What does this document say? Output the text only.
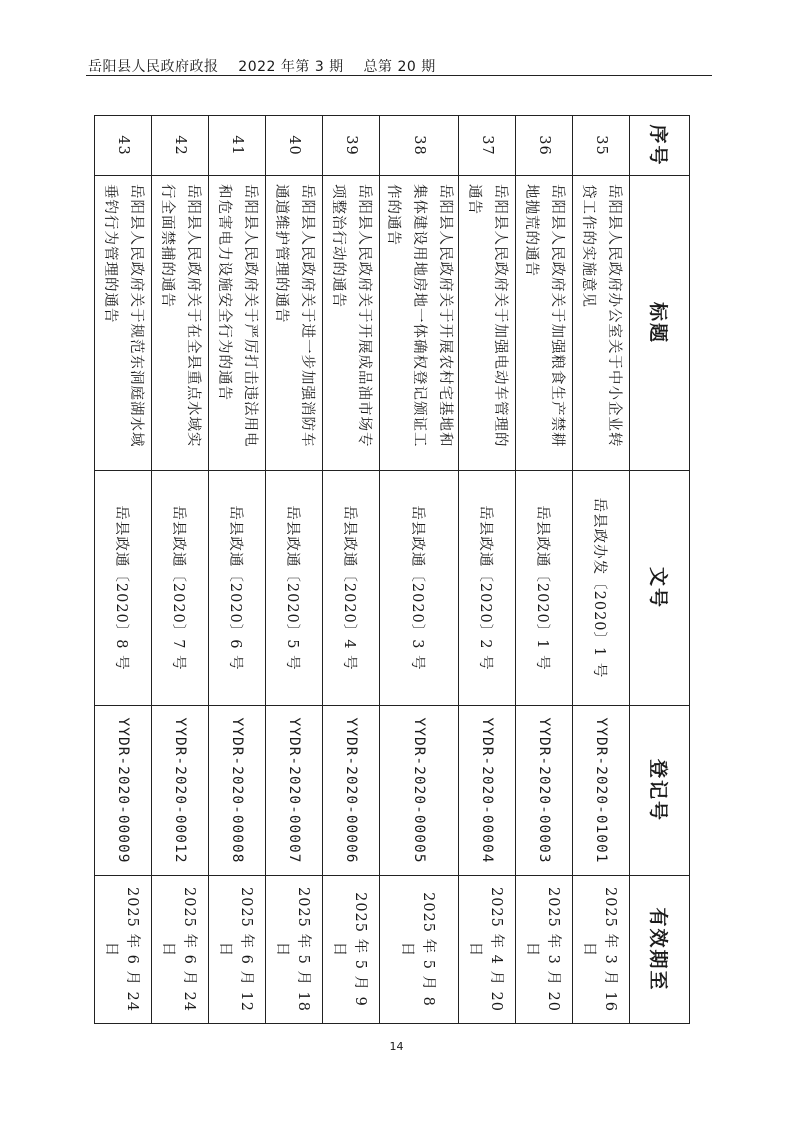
岳阳县人民政府政报    2022 年第 3 期    总第 20 期
序号	标题	文号	登记号	有效期至
35	岳阳县人民政府办公室关于中小企业转贷工作的实施意见	岳县政办发〔2020〕1 号	YYDR-2020-01001	2025 年 3 月 16 日
36	岳阳县人民政府关于加强粮食生产禁耕地抛荒的通告	岳县政通〔2020〕1 号	YYDR-2020-00003	2025 年 3 月 20 日
37	岳阳县人民政府关于加强电动车管理的通告	岳县政通〔2020〕2 号	YYDR-2020-00004	2025 年 4 月 20 日
38	岳阳县人民政府关于开展农村宅基地和集体建设用地房地一体确权登记颁证工作的通告	岳县政通〔2020〕3 号	YYDR-2020-00005	2025 年 5 月 8 日
39	岳阳县人民政府关于开展成品油市场专项整治行动的通告	岳县政通〔2020〕4 号	YYDR-2020-00006	2025 年 5 月 9 日
40	岳阳县人民政府关于进一步加强消防车通道维护管理的通告	岳县政通〔2020〕5 号	YYDR-2020-00007	2025 年 5 月 18 日
41	岳阳县人民政府关于严厉打击违法用电和危害电力设施安全行为的通告	岳县政通〔2020〕6 号	YYDR-2020-00008	2025 年 6 月 12 日
42	岳阳县人民政府关于在全县重点水域实行全面禁捕的通告	岳县政通〔2020〕7 号	YYDR-2020-00012	2025 年 6 月 24 日
43	岳阳县人民政府关于规范东洞庭湖水域垂钓行为管理的通告	岳县政通〔2020〕8 号	YYDR-2020-00009	2025 年 6 月 24 日
14
